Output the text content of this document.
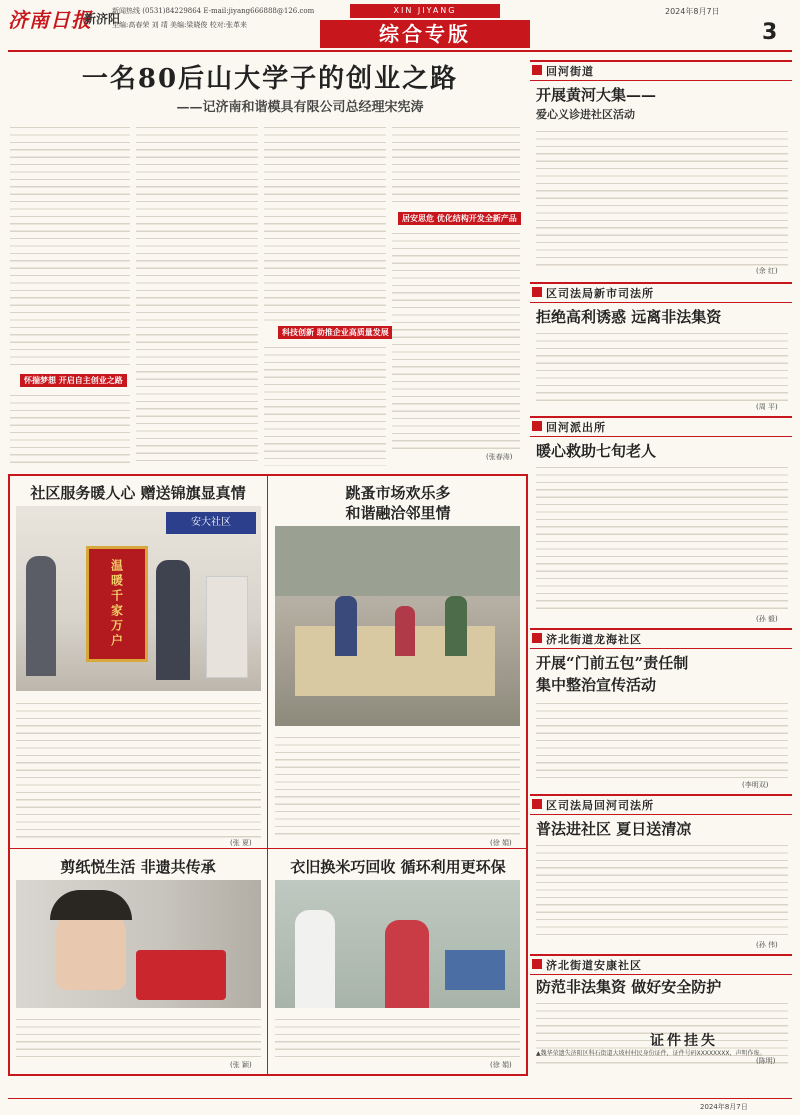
济南日报
新济阳
新闻热线 (0531)84229864 E-mail:jiyang666888@126.com
主编:高春荣 刘 靖 美编:梁晓俊 校对:张革来
XIN JIYANG
综合专版
2024年8月7日
3
一名80后山大学子的创业之路
——记济南和谐模具有限公司总经理宋宪涛
怀揣梦想 开启自主创业之路
科技创新 助推企业高质量发展
居安思危 优化结构开发全新产品
(张春涛)
回河街道
开展黄河大集——
爱心义诊进社区活动
(余 红)
区司法局新市司法所
拒绝高利诱惑 远离非法集资
(周 平)
回河派出所
暖心救助七旬老人
(孙 毅)
济北街道龙海社区
开展“门前五包”责任制
集中整治宣传活动
(李明双)
区司法局回河司法所
普法进社区 夏日送清凉
(孙 伟)
济北街道安康社区
防范非法集资 做好安全防护
(陈明)
证件挂失
▲魏华荣遗失济阳区科石街道大坡村村民身份证件，证件号码XXXXXXXX，声明作废。
社区服务暖人心 赠送锦旗显真情
安大社区
温暖千家万户
(张 夏)
跳蚤市场欢乐多
和谐融洽邻里情
(徐 娟)
剪纸悦生活 非遗共传承
(张 颖)
衣旧换米巧回收 循环利用更环保
(徐 娟)
2024年8月7日
